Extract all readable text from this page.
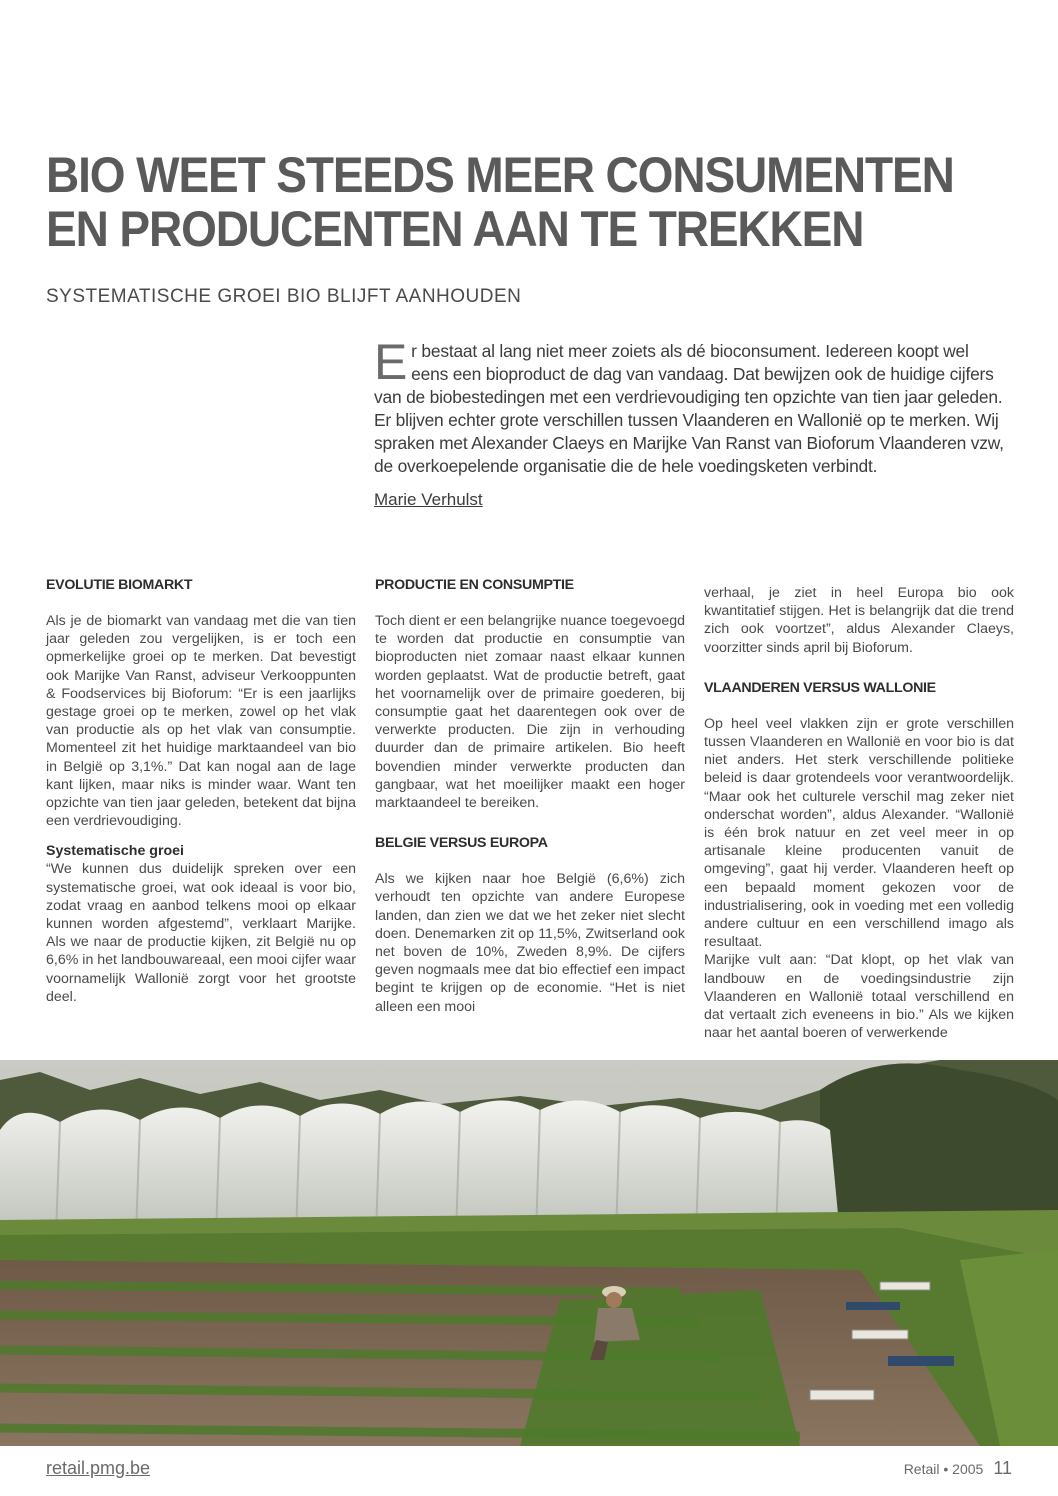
BIO WEET STEEDS MEER CONSUMENTEN
EN PRODUCENTEN AAN TE TREKKEN
SYSTEMATISCHE GROEI BIO BLIJFT AANHOUDEN
Er bestaat al lang niet meer zoiets als dé bioconsument. Iedereen koopt wel eens een bioproduct de dag van vandaag. Dat bewijzen ook de huidige cijfers van de biobestedingen met een verdrievoudiging ten opzichte van tien jaar geleden. Er blijven echter grote verschillen tussen Vlaanderen en Wallonië op te merken. Wij spraken met Alexander Claeys en Marijke Van Ranst van Bioforum Vlaanderen vzw, de overkoepelende organisatie die de hele voedingsketen verbindt.
Marie Verhulst
EVOLUTIE BIOMARKT

Als je de biomarkt van vandaag met die van tien jaar geleden zou vergelijken, is er toch een opmerkelijke groei op te merken. Dat bevestigt ook Marijke Van Ranst, adviseur Verkooppunten & Foodservices bij Bioforum: “Er is een jaarlijks gestage groei op te merken, zowel op het vlak van productie als op het vlak van consumptie. Momenteel zit het huidige marktaandeel van bio in België op 3,1%.” Dat kan nogal aan de lage kant lijken, maar niks is minder waar. Want ten opzichte van tien jaar geleden, betekent dat bijna een verdrievoudiging.

Systematische groei

“We kunnen dus duidelijk spreken over een systematische groei, wat ook ideaal is voor bio, zodat vraag en aanbod telkens mooi op elkaar kunnen worden afgestemd”, verklaart Marijke. Als we naar de productie kijken, zit België nu op 6,6% in het landbouwareaal, een mooi cijfer waar voornamelijk Wallonië zorgt voor het grootste deel.

PRODUCTIE EN CONSUMPTIE

Toch dient er een belangrijke nuance toegevoegd te worden dat productie en consumptie van bioproducten niet zomaar naast elkaar kunnen worden geplaatst. Wat de productie betreft, gaat het voornamelijk over de primaire goederen, bij consumptie gaat het daarentegen ook over de verwerkte producten. Die zijn in verhouding duurder dan de primaire artikelen. Bio heeft bovendien minder verwerkte producten dan gangbaar, wat het moeilijker maakt een hoger marktaandeel te bereiken.

BELGIE VERSUS EUROPA

Als we kijken naar hoe België (6,6%) zich verhoudt ten opzichte van andere Europese landen, dan zien we dat we het zeker niet slecht doen. Denemarken zit op 11,5%, Zwitserland ook net boven de 10%, Zweden 8,9%. De cijfers geven nogmaals mee dat bio effectief een impact begint te krijgen op de economie. “Het is niet alleen een mooi

verhaal, je ziet in heel Europa bio ook kwantitatief stijgen. Het is belangrijk dat die trend zich ook voortzet”, aldus Alexander Claeys, voorzitter sinds april bij Bioforum.

VLAANDEREN VERSUS WALLONIE

Op heel veel vlakken zijn er grote verschillen tussen Vlaanderen en Wallonië en voor bio is dat niet anders. Het sterk verschillende politieke beleid is daar grotendeels voor verantwoordelijk. “Maar ook het culturele verschil mag zeker niet onderschat worden”, aldus Alexander. “Wallonië is één brok natuur en zet veel meer in op artisanale kleine producenten vanuit de omgeving”, gaat hij verder. Vlaanderen heeft op een bepaald moment gekozen voor de industrialisering, ook in voeding met een volledig andere cultuur en een verschillend imago als resultaat.

Marijke vult aan: “Dat klopt, op het vlak van landbouw en de voedingsindustrie zijn Vlaanderen en Wallonië totaal verschillend en dat vertaalt zich eveneens in bio.” Als we kijken naar het aantal boeren of verwerkende

retail.pmg.be	Retail • 2005 11
